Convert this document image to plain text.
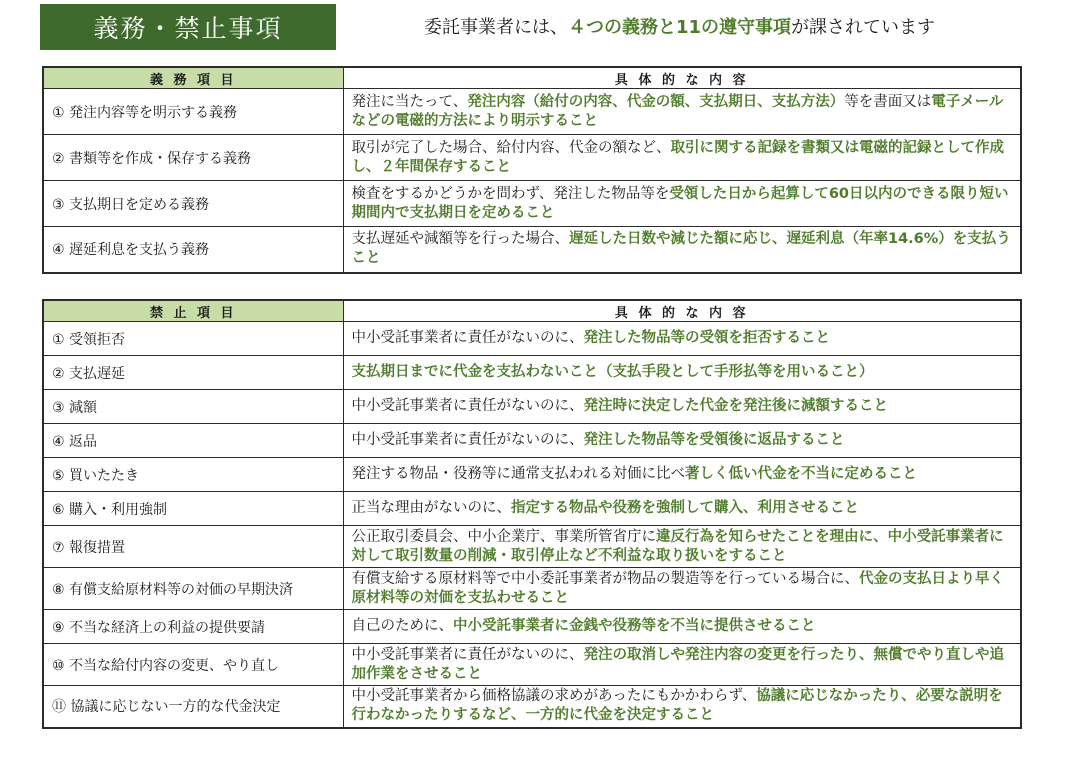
義務・禁止事項	委託事業者には、４つの義務と11の遵守事項が課されています
義 務 項 目	具 体 的 な 内 容
① 発注内容等を明示する義務	発注に当たって、発注内容（給付の内容、代金の額、支払期日、支払方法）等を書面又は電子メールなどの電磁的方法により明示すること
② 書類等を作成・保存する義務	取引が完了した場合、給付内容、代金の額など、取引に関する記録を書類又は電磁的記録として作成し、２年間保存すること
③ 支払期日を定める義務	検査をするかどうかを問わず、発注した物品等を受領した日から起算して60日以内のできる限り短い期間内で支払期日を定めること
④ 遅延利息を支払う義務	支払遅延や減額等を行った場合、遅延した日数や減じた額に応じ、遅延利息（年率14.6%）を支払うこと
禁 止 項 目	具 体 的 な 内 容
① 受領拒否	中小受託事業者に責任がないのに、発注した物品等の受領を拒否すること
② 支払遅延	支払期日までに代金を支払わないこと（支払手段として手形払等を用いること）
③ 減額	中小受託事業者に責任がないのに、発注時に決定した代金を発注後に減額すること
④ 返品	中小受託事業者に責任がないのに、発注した物品等を受領後に返品すること
⑤ 買いたたき	発注する物品・役務等に通常支払われる対価に比べ著しく低い代金を不当に定めること
⑥ 購入・利用強制	正当な理由がないのに、指定する物品や役務を強制して購入、利用させること
⑦ 報復措置	公正取引委員会、中小企業庁、事業所管省庁に違反行為を知らせたことを理由に、中小受託事業者に対して取引数量の削減・取引停止など不利益な取り扱いをすること
⑧ 有償支給原材料等の対価の早期決済	有償支給する原材料等で中小委託事業者が物品の製造等を行っている場合に、代金の支払日より早く原材料等の対価を支払わせること
⑨ 不当な経済上の利益の提供要請	自己のために、中小受託事業者に金銭や役務等を不当に提供させること
⑩ 不当な給付内容の変更、やり直し	中小受託事業者に責任がないのに、発注の取消しや発注内容の変更を行ったり、無償でやり直しや追加作業をさせること
⑪ 協議に応じない一方的な代金決定	中小受託事業者から価格協議の求めがあったにもかかわらず、協議に応じなかったり、必要な説明を行わなかったりするなど、一方的に代金を決定すること
